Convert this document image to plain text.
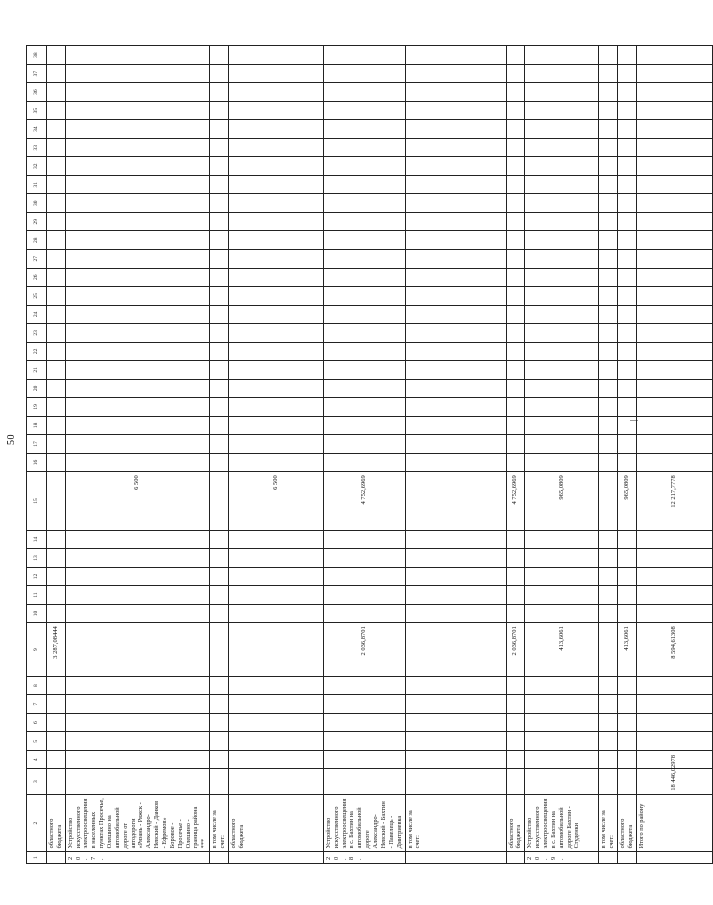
50
1	2	3	4	5	6	7	8	9	10	11	12	13	14	15	16	17	18	19	20	21	22	23	24	25	26	27	28	29	30	31	32	33	34	35	36	37	38
	областного бюджета							3 287,08444																													
20.7.	Устройство искусственного электроосвещения в населенных пунктах Просечье, Олешино на автомобильной дороге от автодороги «Рязань - Ряжск - Александро-Невский - Данков - Ефремов» Боровое - Просечье - Олешино - граница района ***													6 500																							
	в том числе за счет:																																				
	областного бюджета													6 500																							
20.8.	Устройство искусственного электроосвещения в с. Бахтин на автомобильной дороге Александро-Невский - Бахтин - Павелець - Дмитриевка							2 036,8701						4 752,6969																							
	в том числе за счет:																																				
	областного бюджета							2 036,8701						4 752,6969																							
20.9.	Устройство искусственного электроосвещения в с. Бахтин на автомобильной дороге Бахтин - Студенки							413,6061						965,0809																							
	в том числе за счет:																																				
	областного бюджета							413,6061						965,0809																							
	Итого по району	18 446,02978						8 594,61308						12 217,7778																							
